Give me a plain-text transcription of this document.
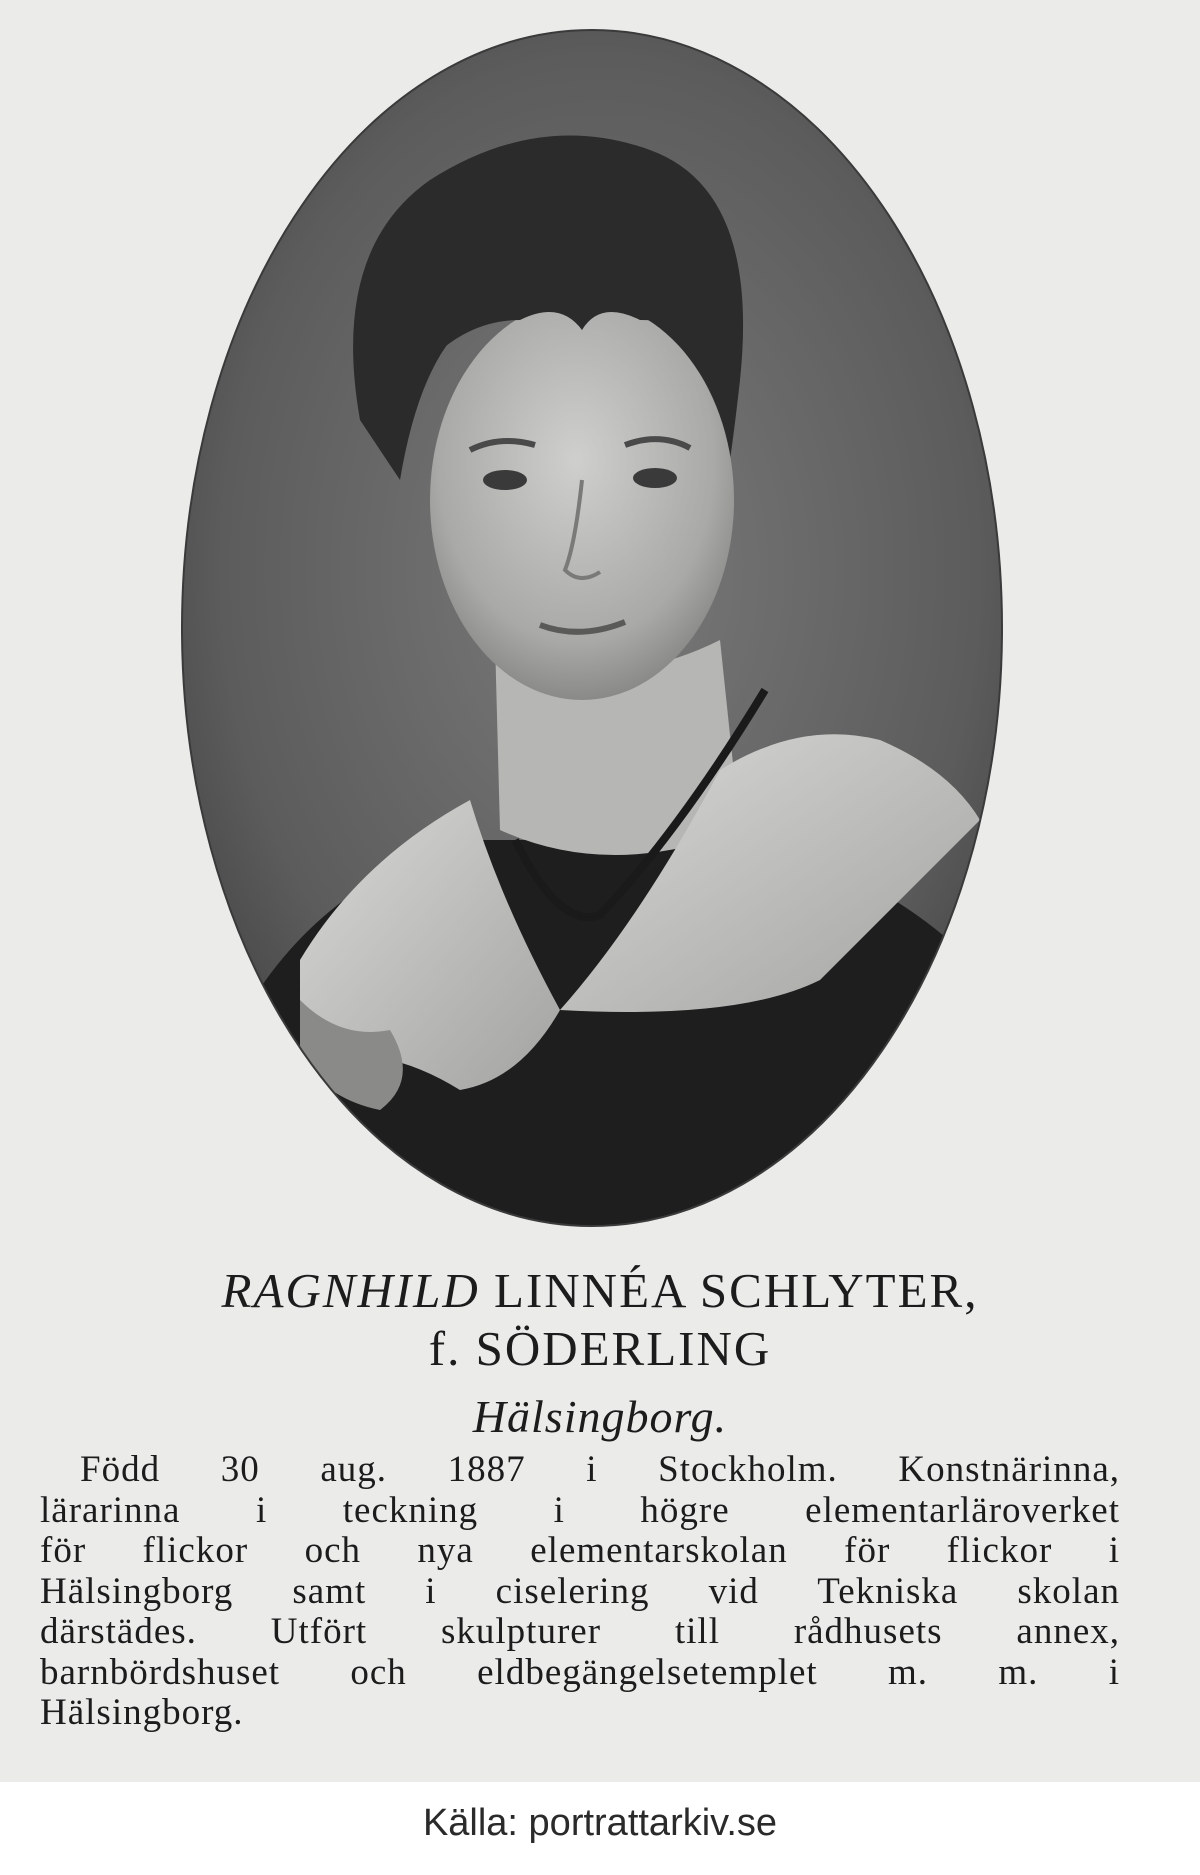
RAGNHILD LINNÉA SCHLYTER,
f. SÖDERLING
Hälsingborg.
Född 30 aug. 1887 i Stockholm. Konstnärinna,
lärarinna i teckning i högre elementarläroverket
för flickor och nya elementarskolan för flickor i
Hälsingborg samt i ciselering vid Tekniska skolan
därstädes. Utfört skulpturer till rådhusets annex,
barnbördshuset och eldbegängelsetemplet m. m. i
Hälsingborg.
Källa: portrattarkiv.se
